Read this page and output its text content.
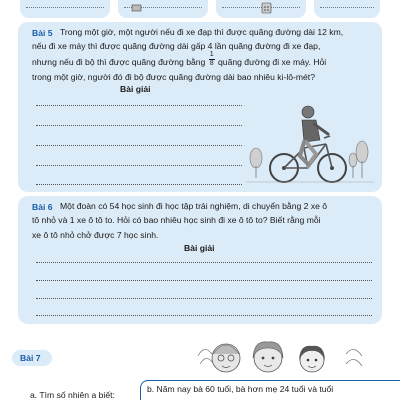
Bài 5 Trong một giờ, một người nếu đi xe đạp thì được quãng đường dài 12 km,
nếu đi xe máy thì được quãng đường dài gấp 4 lần quãng đường đi xe đạp,
nhưng nếu đi bộ thì được quãng đường bằng $\frac{1}{8}$ quãng đường đi xe máy. Hỏi
trong một giờ, người đó đi bộ được quãng đường dài bao nhiêu ki-lô-mét?
Bài giải
Bài 6 Một đoàn có 54 học sinh đi học tập trải nghiệm, di chuyển bằng 2 xe ô
tô nhỏ và 1 xe ô tô to. Hỏi có bao nhiêu học sinh đi xe ô tô to? Biết rằng mỗi
xe ô tô nhỏ chở được 7 học sinh.
Bài giải
Bài 7
a. Tìm số nhiên a biết:
b. Năm nay bà 60 tuổi, bà hơn mẹ 24 tuổi và tuổi
